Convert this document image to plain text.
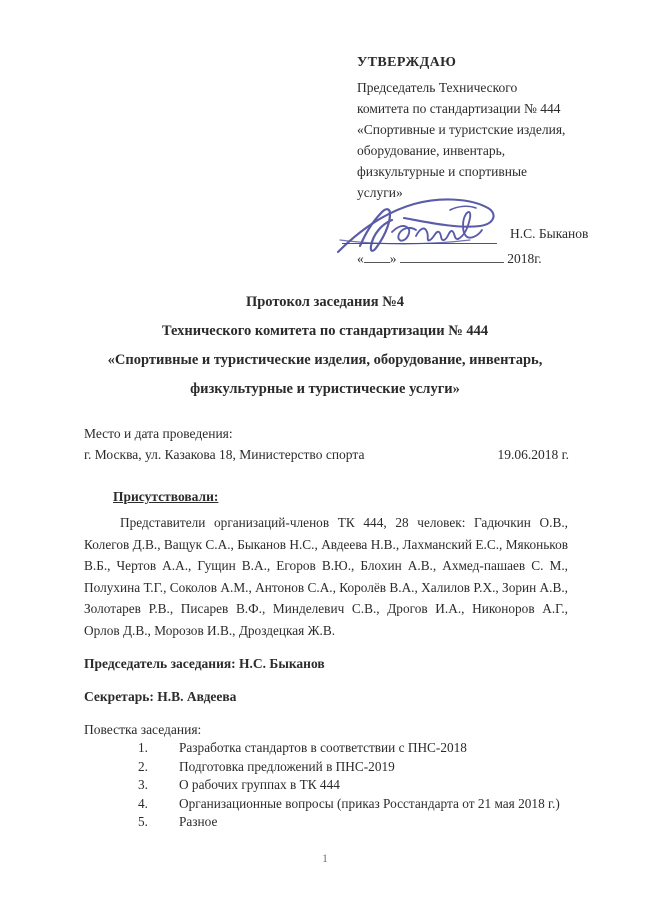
УТВЕРЖДАЮ
Председатель Технического
комитета по стандартизации № 444
«Спортивные и туристские изделия,
оборудование, инвентарь,
физкультурные и спортивные
услуги»
Н.С. Быканов
« »	2018г.
Протокол заседания №4
Технического комитета по стандартизации № 444
«Спортивные и туристические изделия, оборудование, инвентарь,
физкультурные и туристические услуги»
Место и дата проведения:
г. Москва, ул. Казакова 18, Министерство спорта	19.06.2018 г.
Присутствовали:
Представители организаций-членов ТК 444, 28 человек: Гадючкин О.В., Колегов Д.В., Ващук С.А., Быканов Н.С., Авдеева Н.В., Лахманский Е.С., Мяконьков В.Б., Чертов А.А., Гущин В.А., Егоров В.Ю., Блохин А.В., Ахмед-пашаев С. М., Полухина Т.Г., Соколов А.М., Антонов С.А., Королёв В.А., Халилов Р.Х., Зорин А.В., Золотарев Р.В., Писарев В.Ф., Минделевич С.В., Дрогов И.А., Никоноров А.Г., Орлов Д.В., Морозов И.В., Дроздецкая Ж.В.
Председатель заседания: Н.С. Быканов
Секретарь: Н.В. Авдеева
Повестка заседания:
1.	Разработка стандартов в соответствии с ПНС-2018
2.	Подготовка предложений в ПНС-2019
3.	О рабочих группах в ТК 444
4.	Организационные вопросы (приказ Росстандарта от 21 мая 2018 г.)
5.	Разное
1
